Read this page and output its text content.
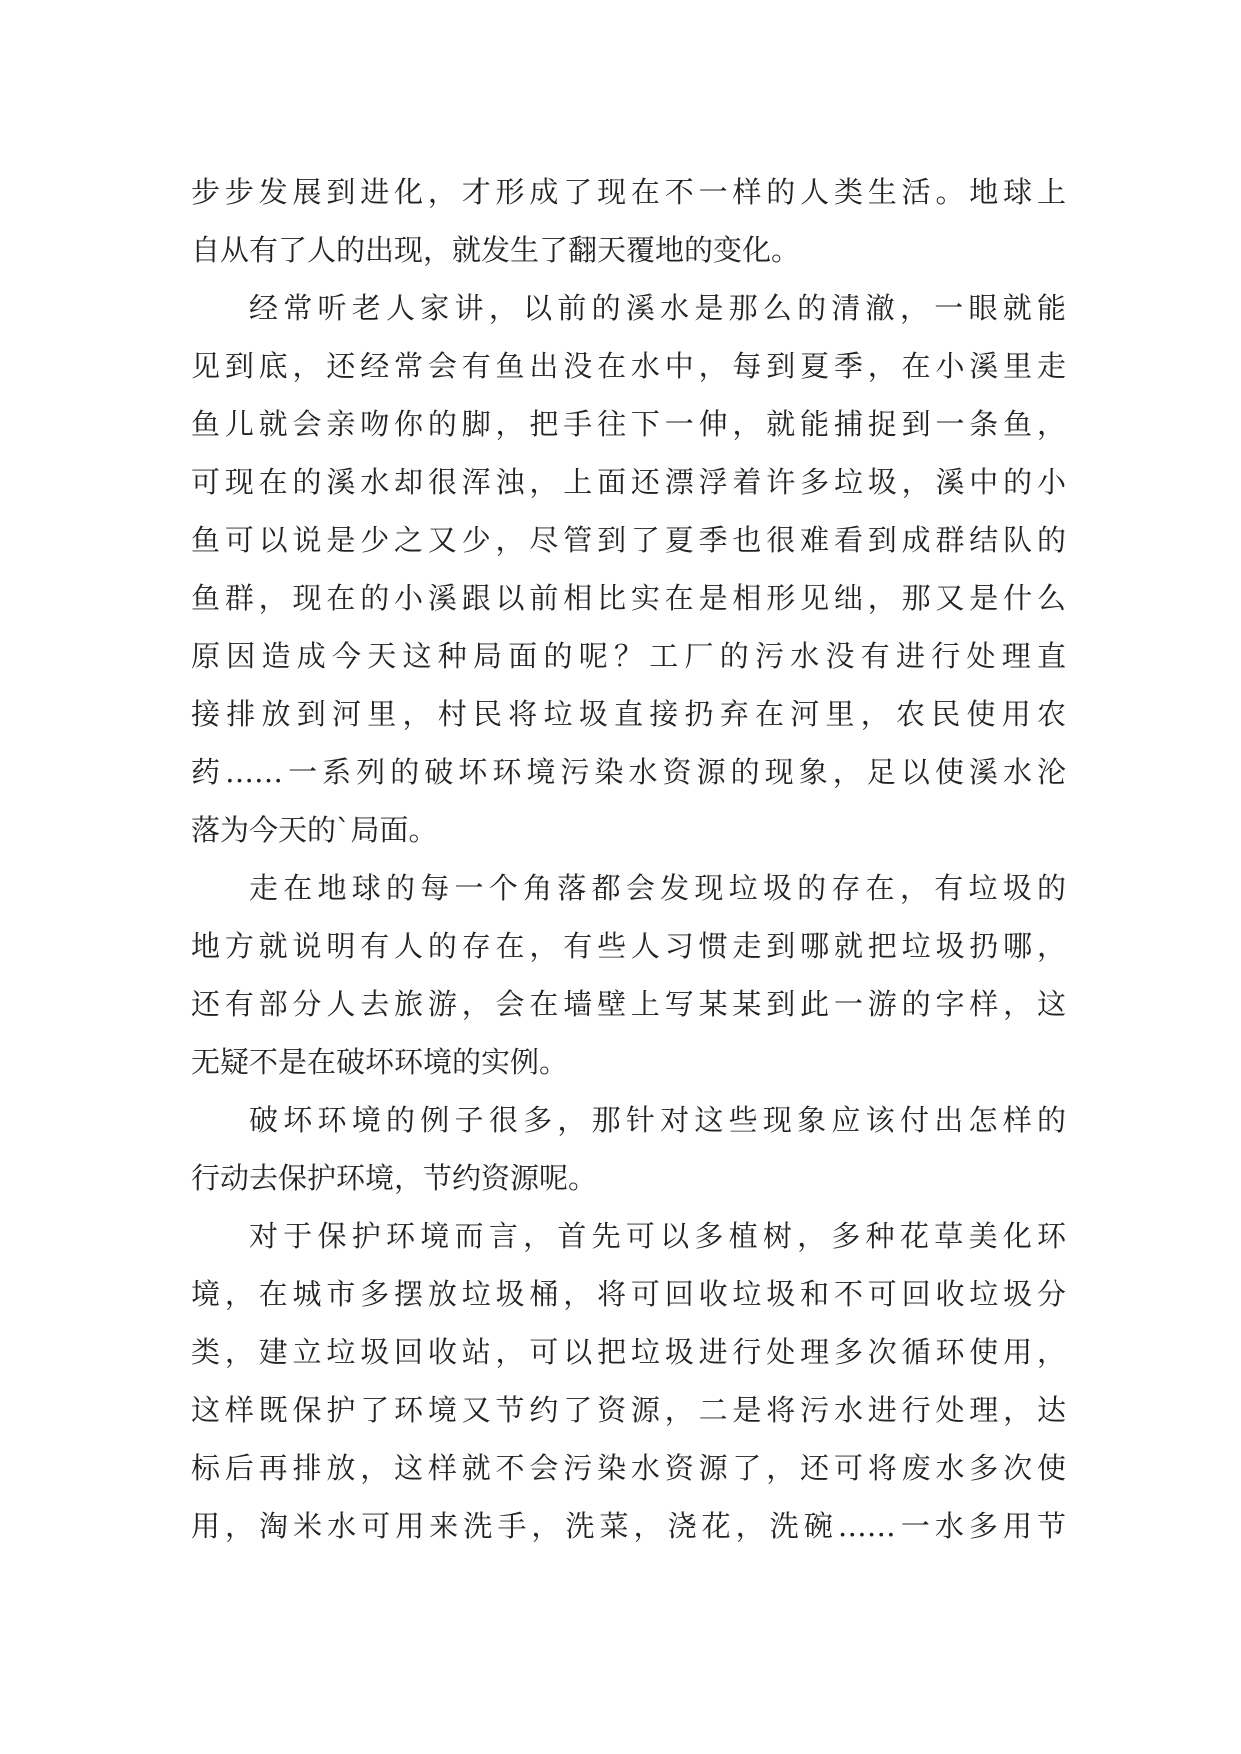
步步发展到进化，才形成了现在不一样的人类生活。地球上
自从有了人的出现，就发生了翻天覆地的变化。
经常听老人家讲，以前的溪水是那么的清澈，一眼就能
见到底，还经常会有鱼出没在水中，每到夏季，在小溪里走
鱼儿就会亲吻你的脚，把手往下一伸，就能捕捉到一条鱼，
可现在的溪水却很浑浊，上面还漂浮着许多垃圾，溪中的小
鱼可以说是少之又少，尽管到了夏季也很难看到成群结队的
鱼群，现在的小溪跟以前相比实在是相形见绌，那又是什么
原因造成今天这种局面的呢？工厂的污水没有进行处理直
接排放到河里，村民将垃圾直接扔弃在河里，农民使用农
药……一系列的破坏环境污染水资源的现象，足以使溪水沦
落为今天的`局面。
走在地球的每一个角落都会发现垃圾的存在，有垃圾的
地方就说明有人的存在，有些人习惯走到哪就把垃圾扔哪，
还有部分人去旅游，会在墙壁上写某某到此一游的字样，这
无疑不是在破坏环境的实例。
破坏环境的例子很多，那针对这些现象应该付出怎样的
行动去保护环境，节约资源呢。
对于保护环境而言，首先可以多植树，多种花草美化环
境，在城市多摆放垃圾桶，将可回收垃圾和不可回收垃圾分
类，建立垃圾回收站，可以把垃圾进行处理多次循环使用，
这样既保护了环境又节约了资源，二是将污水进行处理，达
标后再排放，这样就不会污染水资源了，还可将废水多次使
用，淘米水可用来洗手，洗菜，浇花，洗碗……一水多用节
